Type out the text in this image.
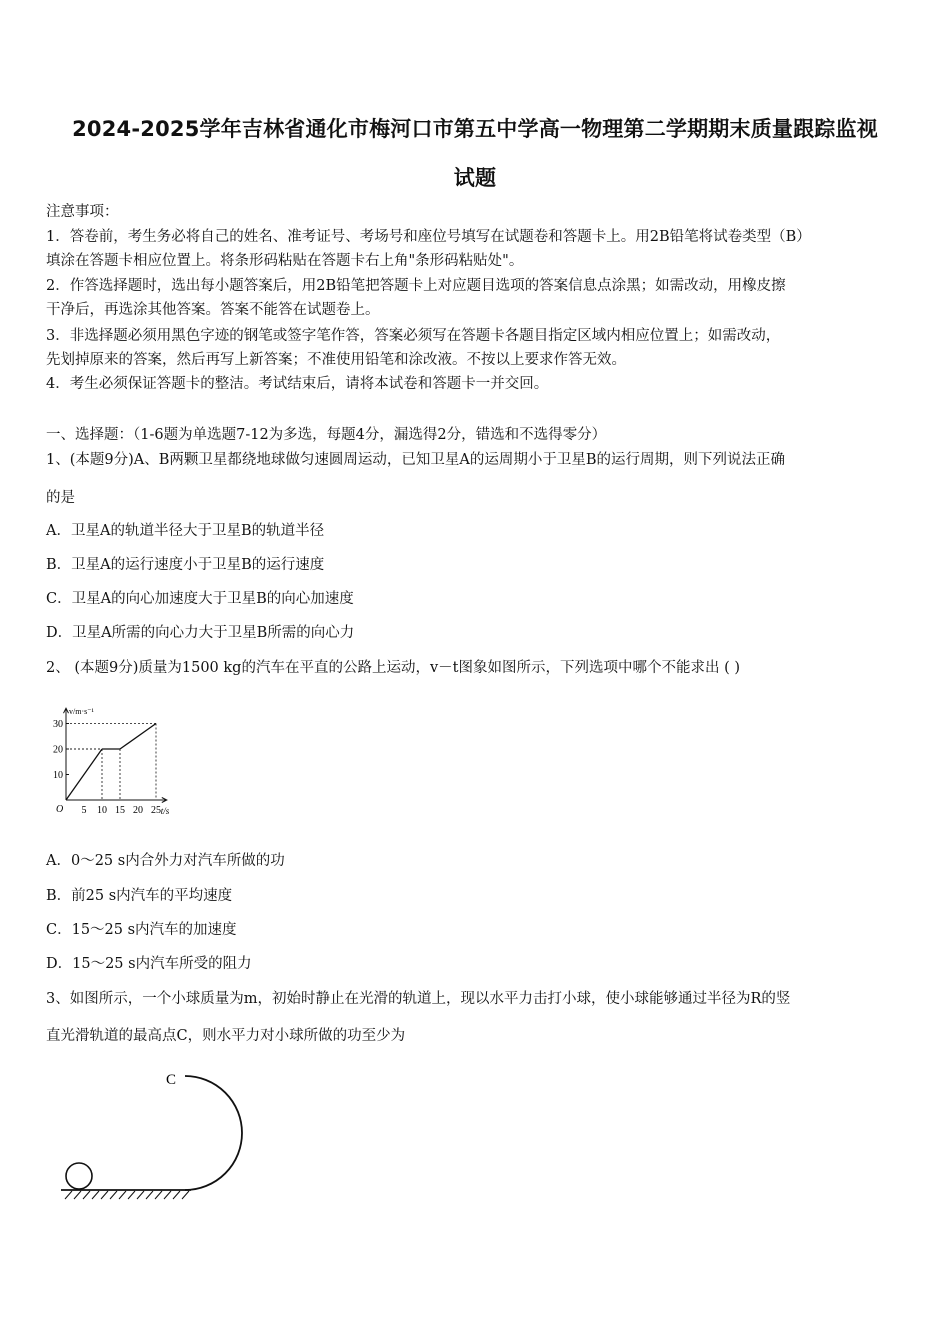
2024-2025学年吉林省通化市梅河口市第五中学高一物理第二学期期末质量跟踪监视
试题
注意事项：
1．答卷前，考生务必将自己的姓名、准考证号、考场号和座位号填写在试题卷和答题卡上。用2B铅笔将试卷类型（B）
填涂在答题卡相应位置上。将条形码粘贴在答题卡右上角"条形码粘贴处"。
2．作答选择题时，选出每小题答案后，用2B铅笔把答题卡上对应题目选项的答案信息点涂黑；如需改动，用橡皮擦
干净后，再选涂其他答案。答案不能答在试题卷上。
3．非选择题必须用黑色字迹的钢笔或签字笔作答，答案必须写在答题卡各题目指定区域内相应位置上；如需改动，
先划掉原来的答案，然后再写上新答案；不准使用铅笔和涂改液。不按以上要求作答无效。
4．考生必须保证答题卡的整洁。考试结束后，请将本试卷和答题卡一并交回。
一、选择题：（1-6题为单选题7-12为多选，每题4分，漏选得2分，错选和不选得零分）
1、(本题9分)A、B两颗卫星都绕地球做匀速圆周运动，已知卫星A的运周期小于卫星B的运行周期，则下列说法正确
的是
A．卫星A的轨道半径大于卫星B的轨道半径
B．卫星A的运行速度小于卫星B的运行速度
C．卫星A的向心加速度大于卫星B的向心加速度
D．卫星A所需的向心力大于卫星B所需的向心力
2、 (本题9分)质量为1500 kg的汽车在平直的公路上运动，v－t图象如图所示，下列选项中哪个不能求出 ( )
v/m·s⁻¹
t/s
O 5 10 15 20 25
10
20
30
A．0～25 s内合外力对汽车所做的功
B．前25 s内汽车的平均速度
C．15～25 s内汽车的加速度
D．15～25 s内汽车所受的阻力
3、如图所示，一个小球质量为m，初始时静止在光滑的轨道上，现以水平力击打小球，使小球能够通过半径为R的竖
直光滑轨道的最高点C，则水平力对小球所做的功至少为
C
